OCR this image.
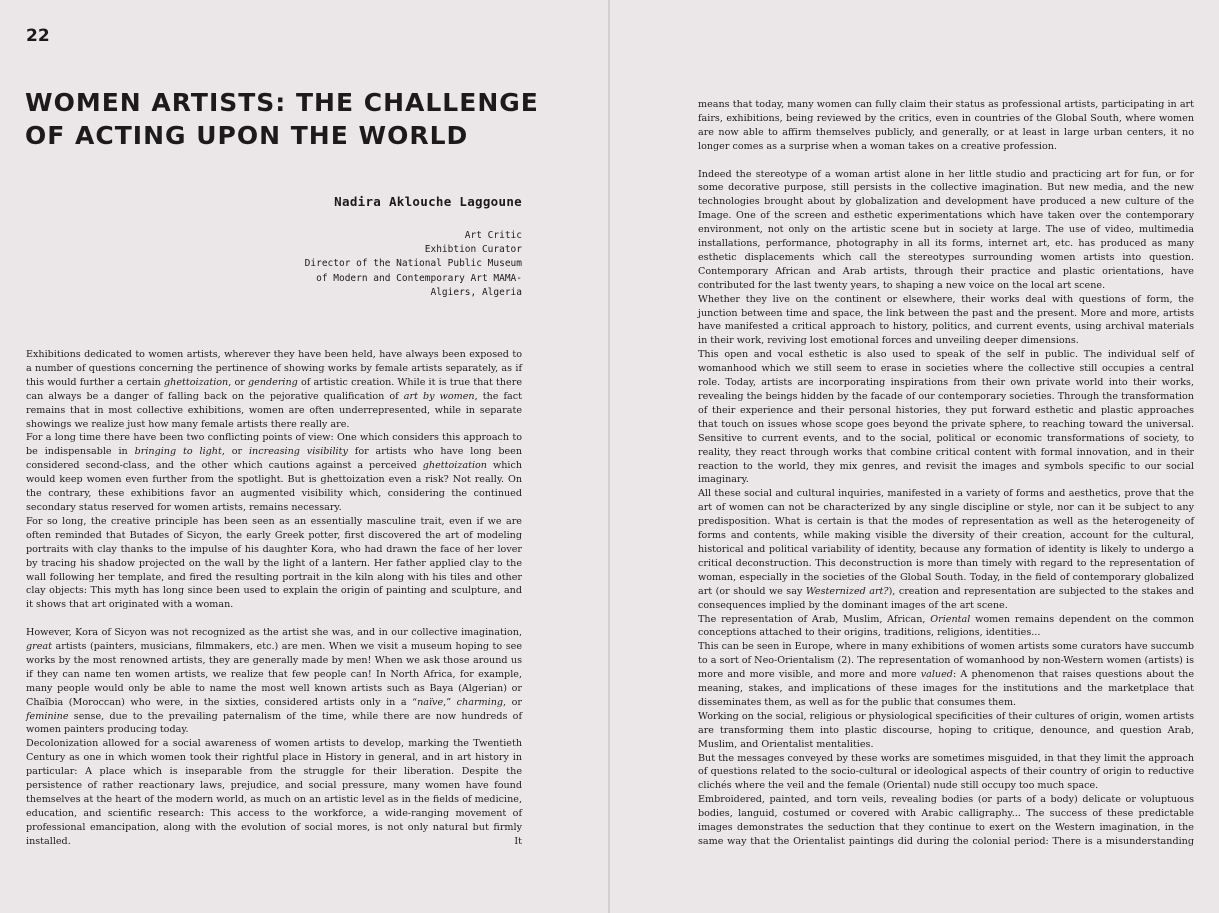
22
WOMEN ARTISTS: THE CHALLENGE OF ACTING UPON THE WORLD
Nadira Aklouche Laggoune
Art Critic
Exhibtion Curator
Director of the National Public Museum
of Modern and Contemporary Art MAMA-
Algiers, Algeria

Exhibitions dedicated to women artists, wherever they have been held, have always been exposed to a number of questions concerning the pertinence of showing works by female artists separately, as if this would further a certain ghettoization, or gendering of artistic creation. While it is true that there can always be a danger of falling back on the pejorative qualification of art by women, the fact remains that in most collective exhibitions, women are often underrepresented, while in separate showings we realize just how many female artists there really are.

For a long time there have been two conflicting points of view: One which considers this approach to be indispensable in bringing to light, or increasing visibility for artists who have long been considered second-class, and the other which cautions against a perceived ghettoization which would keep women even further from the spotlight. But is ghettoization even a risk? Not really. On the contrary, these exhibitions favor an augmented visibility which, considering the continued secondary status reserved for women artists, remains necessary.

For so long, the creative principle has been seen as an essentially masculine trait, even if we are often reminded that Butades of Sicyon, the early Greek potter, first discovered the art of modeling portraits with clay thanks to the impulse of his daughter Kora, who had drawn the face of her lover by tracing his shadow projected on the wall by the light of a lantern. Her father applied clay to the wall following her template, and fired the resulting portrait in the kiln along with his tiles and other clay objects: This myth has long since been used to explain the origin of painting and sculpture, and it shows that art originated with a woman.

However, Kora of Sicyon was not recognized as the artist she was, and in our collective imagination, great artists (painters, musicians, filmmakers, etc.) are men. When we visit a museum hoping to see works by the most renowned artists, they are generally made by men! When we ask those around us if they can name ten women artists, we realize that few people can! In North Africa, for example, many people would only be able to name the most well known artists such as Baya (Algerian) or Chaïbia (Moroccan) who were, in the sixties, considered artists only in a “naïve,” charming, or feminine sense, due to the prevailing paternalism of the time, while there are now hundreds of women painters producing today.

Decolonization allowed for a social awareness of women artists to develop, marking the Twentieth Century as one in which women took their rightful place in History in general, and in art history in particular: A place which is inseparable from the struggle for their liberation. Despite the persistence of rather reactionary laws, prejudice, and social pressure, many women have found themselves at the heart of the modern world, as much on an artistic level as in the fields of medicine, education, and scientific research: This access to the workforce, a wide-ranging movement of professional emancipation, along with the evolution of social mores, is not only natural but firmly installed. It

means that today, many women can fully claim their status as professional artists, participating in art fairs, exhibitions, being reviewed by the critics, even in countries of the Global South, where women are now able to affirm themselves publicly, and generally, or at least in large urban centers, it no longer comes as a surprise when a woman takes on a creative profession.

Indeed the stereotype of a woman artist alone in her little studio and practicing art for fun, or for some decorative purpose, still persists in the collective imagination. But new media, and the new technologies brought about by globalization and development have produced a new culture of the Image. One of the screen and esthetic experimentations which have taken over the contemporary environment, not only on the artistic scene but in society at large. The use of video, multimedia installations, performance, photography in all its forms, internet art, etc. has produced as many esthetic displacements which call the stereotypes surrounding women artists into question. Contemporary African and Arab artists, through their practice and plastic orientations, have contributed for the last twenty years, to shaping a new voice on the local art scene.

Whether they live on the continent or elsewhere, their works deal with questions of form, the junction between time and space, the link between the past and the present. More and more, artists have manifested a critical approach to history, politics, and current events, using archival materials in their work, reviving lost emotional forces and unveiling deeper dimensions.

This open and vocal esthetic is also used to speak of the self in public. The individual self of womanhood which we still seem to erase in societies where the collective still occupies a central role. Today, artists are incorporating inspirations from their own private world into their works, revealing the beings hidden by the facade of our contemporary societies. Through the transformation of their experience and their personal histories, they put forward esthetic and plastic approaches that touch on issues whose scope goes beyond the private sphere, to reaching toward the universal. Sensitive to current events, and to the social, political or economic transformations of society, to reality, they react through works that combine critical content with formal innovation, and in their reaction to the world, they mix genres, and revisit the images and symbols specific to our social imaginary.

All these social and cultural inquiries, manifested in a variety of forms and aesthetics, prove that the art of women can not be characterized by any single discipline or style, nor can it be subject to any predisposition. What is certain is that the modes of representation as well as the heterogeneity of forms and contents, while making visible the diversity of their creation, account for the cultural, historical and political variability of identity, because any formation of identity is likely to undergo a critical deconstruction. This deconstruction is more than timely with regard to the representation of woman, especially in the societies of the Global South. Today, in the field of contemporary globalized art (or should we say Westernized art?), creation and representation are subjected to the stakes and consequences implied by the dominant images of the art scene.

The representation of Arab, Muslim, African, Oriental women remains dependent on the common conceptions attached to their origins, traditions, religions, identities...

This can be seen in Europe, where in many exhibitions of women artists some curators have succumb to a sort of Neo-Orientalism (2). The representation of womanhood by non-Western women (artists) is more and more visible, and more and more valued: A phenomenon that raises questions about the meaning, stakes, and implications of these images for the institutions and the marketplace that disseminates them, as well as for the public that consumes them.

Working on the social, religious or physiological specificities of their cultures of origin, women artists are transforming them into plastic discourse, hoping to critique, denounce, and question Arab, Muslim, and Orientalist mentalities.

But the messages conveyed by these works are sometimes misguided, in that they limit the approach of questions related to the socio-cultural or ideological aspects of their country of origin to reductive clichés where the veil and the female (Oriental) nude still occupy too much space.

Embroidered, painted, and torn veils, revealing bodies (or parts of a body) delicate or voluptuous bodies, languid, costumed or covered with Arabic calligraphy... The success of these predictable images demonstrates the seduction that they continue to exert on the Western imagination, in the same way that the Orientalist paintings did during the colonial period: There is a misunderstanding
